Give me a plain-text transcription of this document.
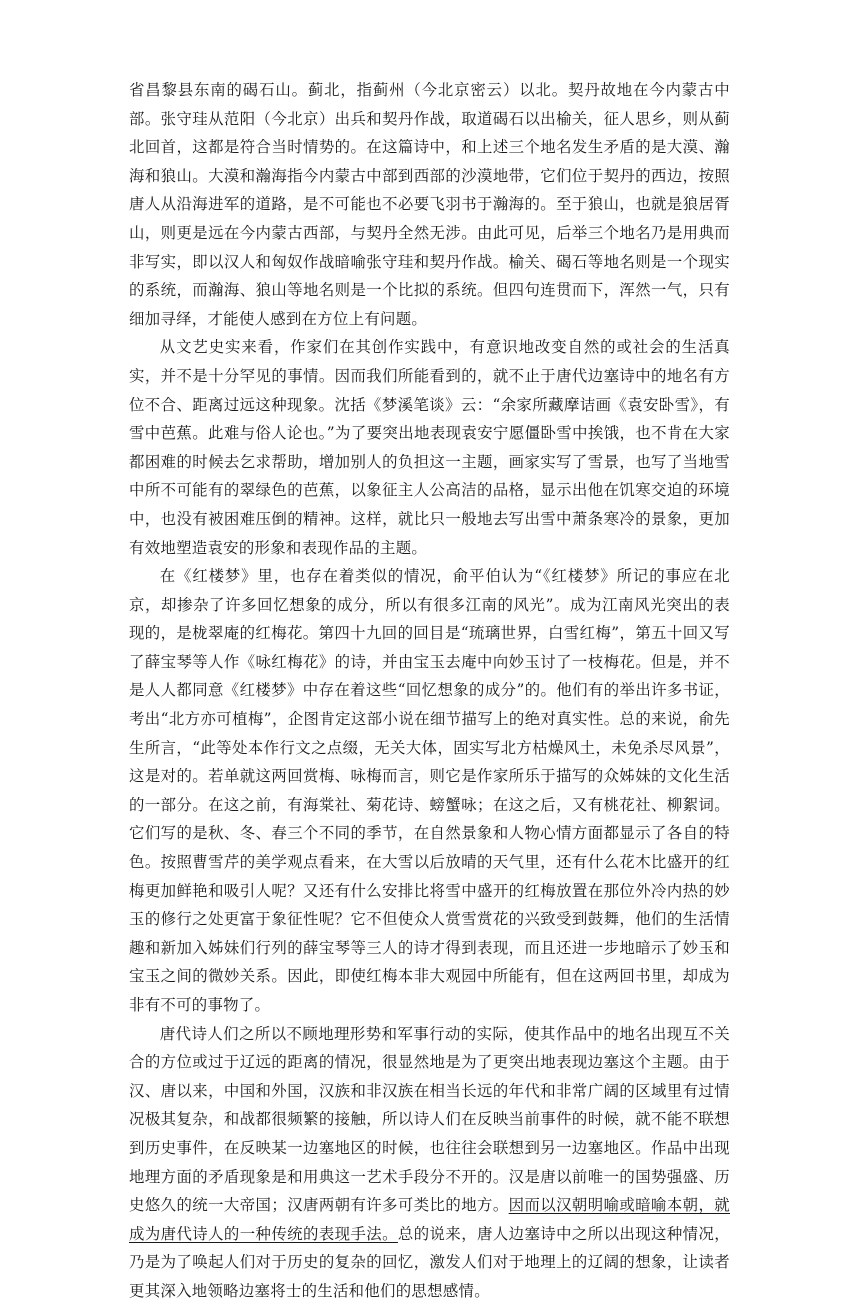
省昌黎县东南的碣石山。蓟北，指蓟州（今北京密云）以北。契丹故地在今内蒙古中部。张守珪从范阳（今北京）出兵和契丹作战，取道碣石以出榆关，征人思乡，则从蓟北回首，这都是符合当时情势的。在这篇诗中，和上述三个地名发生矛盾的是大漠、瀚海和狼山。大漠和瀚海指今内蒙古中部到西部的沙漠地带，它们位于契丹的西边，按照唐人从沿海进军的道路，是不可能也不必要飞羽书于瀚海的。至于狼山，也就是狼居胥山，则更是远在今内蒙古西部，与契丹全然无涉。由此可见，后举三个地名乃是用典而非写实，即以汉人和匈奴作战暗喻张守珪和契丹作战。榆关、碣石等地名则是一个现实的系统，而瀚海、狼山等地名则是一个比拟的系统。但四句连贯而下，浑然一气，只有细加寻绎，才能使人感到在方位上有问题。

从文艺史实来看，作家们在其创作实践中，有意识地改变自然的或社会的生活真实，并不是十分罕见的事情。因而我们所能看到的，就不止于唐代边塞诗中的地名有方位不合、距离过远这种现象。沈括《梦溪笔谈》云：“余家所藏摩诘画《袁安卧雪》，有雪中芭蕉。此难与俗人论也。”为了要突出地表现袁安宁愿僵卧雪中挨饿，也不肯在大家都困难的时候去乞求帮助，增加别人的负担这一主题，画家实写了雪景，也写了当地雪中所不可能有的翠绿色的芭蕉，以象征主人公高洁的品格，显示出他在饥寒交迫的环境中，也没有被困难压倒的精神。这样，就比只一般地去写出雪中萧条寒冷的景象，更加有效地塑造袁安的形象和表现作品的主题。

在《红楼梦》里，也存在着类似的情况，俞平伯认为“《红楼梦》所记的事应在北京，却掺杂了许多回忆想象的成分，所以有很多江南的风光”。成为江南风光突出的表现的，是栊翠庵的红梅花。第四十九回的回目是“琉璃世界，白雪红梅”，第五十回又写了薛宝琴等人作《咏红梅花》的诗，并由宝玉去庵中向妙玉讨了一枝梅花。但是，并不是人人都同意《红楼梦》中存在着这些“回忆想象的成分”的。他们有的举出许多书证，考出“北方亦可植梅”，企图肯定这部小说在细节描写上的绝对真实性。总的来说，俞先生所言，“此等处本作行文之点缀，无关大体，固实写北方枯燥风土，未免杀尽风景”，这是对的。若单就这两回赏梅、咏梅而言，则它是作家所乐于描写的众姊妹的文化生活的一部分。在这之前，有海棠社、菊花诗、螃蟹咏；在这之后，又有桃花社、柳絮词。它们写的是秋、冬、春三个不同的季节，在自然景象和人物心情方面都显示了各自的特色。按照曹雪芹的美学观点看来，在大雪以后放晴的天气里，还有什么花木比盛开的红梅更加鲜艳和吸引人呢？又还有什么安排比将雪中盛开的红梅放置在那位外冷内热的妙玉的修行之处更富于象征性呢？它不但使众人赏雪赏花的兴致受到鼓舞，他们的生活情趣和新加入姊妹们行列的薛宝琴等三人的诗才得到表现，而且还进一步地暗示了妙玉和宝玉之间的微妙关系。因此，即使红梅本非大观园中所能有，但在这两回书里，却成为非有不可的事物了。

唐代诗人们之所以不顾地理形势和军事行动的实际，使其作品中的地名出现互不关合的方位或过于辽远的距离的情况，很显然地是为了更突出地表现边塞这个主题。由于汉、唐以来，中国和外国，汉族和非汉族在相当长远的年代和非常广阔的区域里有过情况极其复杂，和战都很频繁的接触，所以诗人们在反映当前事件的时候，就不能不联想到历史事件，在反映某一边塞地区的时候，也往往会联想到另一边塞地区。作品中出现地理方面的矛盾现象是和用典这一艺术手段分不开的。汉是唐以前唯一的国势强盛、历史悠久的统一大帝国；汉唐两朝有许多可类比的地方。因而以汉朝明喻或暗喻本朝，就成为唐代诗人的一种传统的表现手法。总的说来，唐人边塞诗中之所以出现这种情况，乃是为了唤起人们对于历史的复杂的回忆，激发人们对于地理上的辽阔的想象，让读者更其深入地领略边塞将士的生活和他们的思想感情。
